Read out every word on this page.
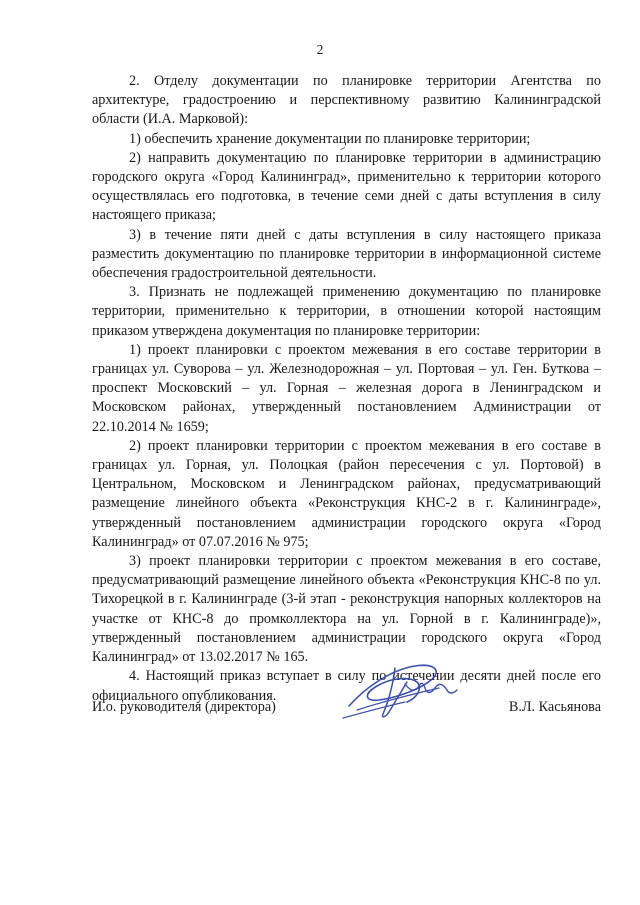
2

2. Отделу документации по планировке территории Агентства по архитектуре, градостроению и перспективному развитию Калининградской области (И.А. Марковой):

1) обеспечить хранение документации по планировке территории;

2) направить документацию по планировке территории в администрацию городского округа «Город Калининград», применительно к территории которого осуществлялась его подготовка, в течение семи дней с даты вступления в силу настоящего приказа;

3) в течение пяти дней с даты вступления в силу настоящего приказа разместить документацию по планировке территории в информационной системе обеспечения градостроительной деятельности.

3. Признать не подлежащей применению документацию по планировке территории, применительно к территории, в отношении которой настоящим приказом утверждена документация по планировке территории:

1) проект планировки с проектом межевания в его составе территории в границах ул. Суворова – ул. Железнодорожная – ул. Портовая – ул. Ген. Буткова – проспект Московский – ул. Горная – железная дорога в Ленинградском и Московском районах, утвержденный постановлением Администрации от 22.10.2014 № 1659;

2) проект планировки территории с проектом межевания в его составе в границах ул. Горная, ул. Полоцкая (район пересечения с ул. Портовой) в Центральном, Московском и Ленинградском районах, предусматривающий размещение линейного объекта «Реконструкция КНС-2 в г. Калининграде», утвержденный постановлением администрации городского округа «Город Калининград» от 07.07.2016 № 975;

3) проект планировки территории с проектом межевания в его составе, предусматривающий размещение линейного объекта «Реконструкция КНС-8 по ул. Тихорецкой в г. Калининграде (3-й этап - реконструкция напорных коллекторов на участке от КНС-8 до промколлектора на ул. Горной в г. Калининграде)», утвержденный постановлением администрации городского округа «Город Калининград» от 13.02.2017 № 165.

4. Настоящий приказ вступает в силу по истечении десяти дней после его официального опубликования.

И.о. руководителя (директора)	В.Л. Касьянова
